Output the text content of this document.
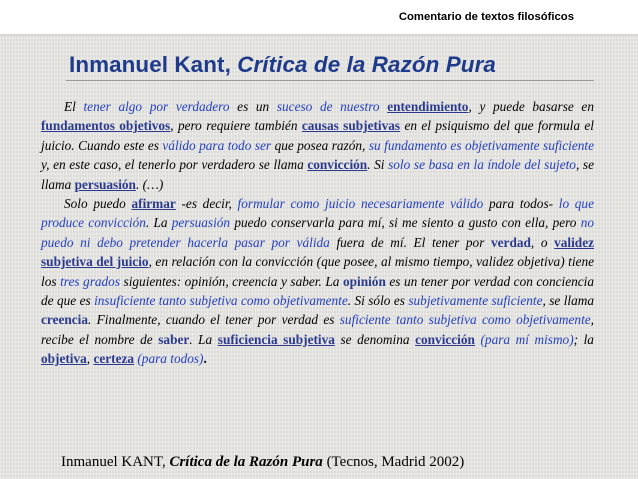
Comentario de textos filosóficos
Inmanuel Kant, Crítica de la Razón Pura

El tener algo por verdadero es un suceso de nuestro entendimiento, y puede basarse en fundamentos objetivos, pero requiere también causas subjetivas en el psiquismo del que formula el juicio. Cuando este es válido para todo ser que posea razón, su fundamento es objetivamente suficiente y, en este caso, el tenerlo por verdadero se llama convicción. Si solo se basa en la índole del sujeto, se llama persuasión. (…)

Solo puedo afirmar -es decir, formular como juicio necesariamente válido para todos- lo que produce convicción. La persuasión puedo conservarla para mí, si me siento a gusto con ella, pero no puedo ni debo pretender hacerla pasar por válida fuera de mí. El tener por verdad, o validez subjetiva del juicio, en relación con la convicción (que posee, al mismo tiempo, validez objetiva) tiene los tres grados siguientes: opinión, creencia y saber. La opinión es un tener por verdad con conciencia de que es insuficiente tanto subjetiva como objetivamente. Si sólo es subjetivamente suficiente, se llama creencia. Finalmente, cuando el tener por verdad es suficiente tanto subjetiva como objetivamente, recibe el nombre de saber. La suficiencia subjetiva se denomina convicción (para mí mismo); la objetiva, certeza (para todos).

Inmanuel KANT, Crítica de la Razón Pura (Tecnos, Madrid 2002)
